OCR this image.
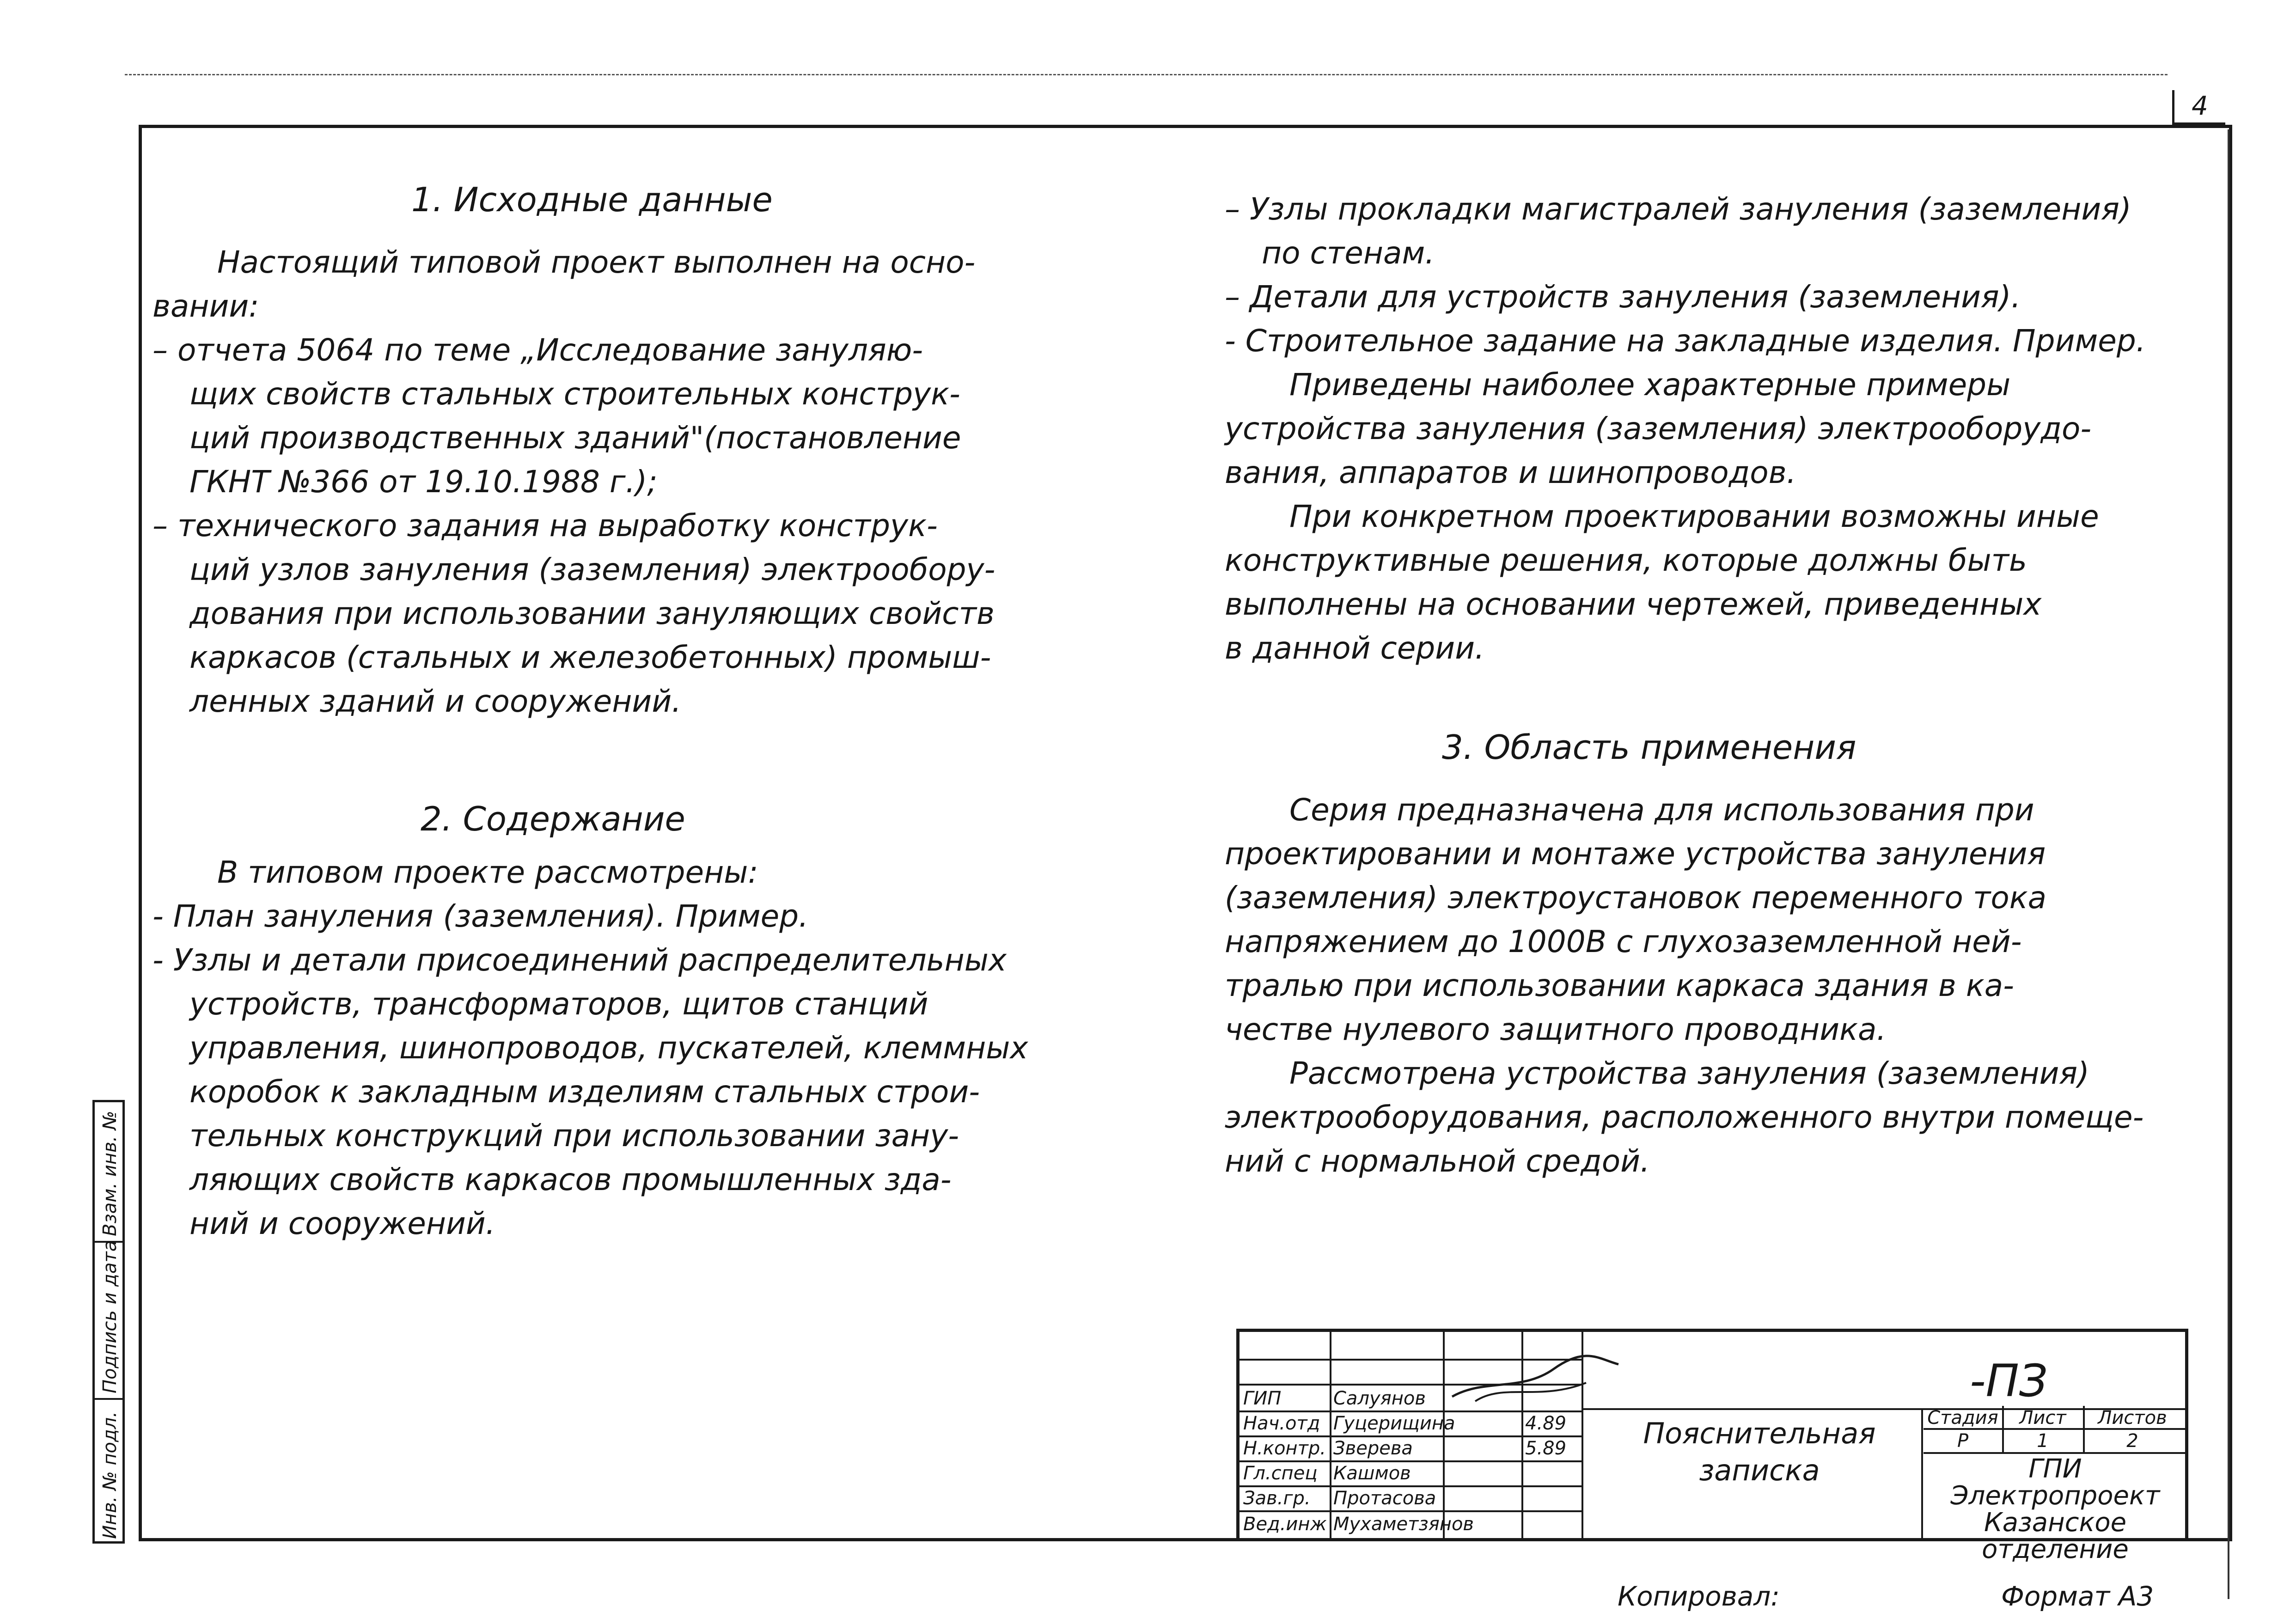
4
1. Исходные данные
Настоящий типовой проект выполнен на осно-
вании:
– отчета 5064 по теме „Исследование зануляю-
щих свойств стальных строительных конструк-
ций производственных зданий"(постановление
ГКНТ №366 от 19.10.1988 г.);
– технического задания на выработку конструк-
ций узлов зануления (заземления) электрообору-
дования при использовании зануляющих свойств
каркасов (стальных и железобетонных) промыш-
ленных зданий и сооружений.
2. Содержание
В типовом проекте рассмотрены:
- План зануления (заземления). Пример.
- Узлы и детали присоединений распределительных
устройств, трансформаторов, щитов станций
управления, шинопроводов, пускателей, клеммных
коробок к закладным изделиям стальных строи-
тельных конструкций при использовании зану-
ляющих свойств каркасов промышленных зда-
ний и сооружений.
– Узлы прокладки магистралей зануления (заземления)
по стенам.
– Детали для устройств зануления (заземления).
- Строительное задание на закладные изделия. Пример.
Приведены наиболее характерные примеры
устройства зануления (заземления) электрооборудо-
вания, аппаратов и шинопроводов.
При конкретном проектировании возможны иные
конструктивные решения, которые должны быть
выполнены на основании чертежей, приведенных
в данной серии.
3. Область применения
Серия предназначена для использования при
проектировании и монтаже устройства зануления
(заземления) электроустановок переменного тока
напряжением до 1000В с глухозаземленной ней-
тралью при использовании каркаса здания в ка-
честве нулевого защитного проводника.
Рассмотрена устройства зануления (заземления)
электрооборудования, расположенного внутри помеще-
ний с нормальной средой.
Взам. инв. №
Подпись и дата
Инв. № подл.
ГИП	Салуянов
Нач.отд Гуцерищина	4.89
Н.контр. Зверева	5.89
Гл.спец Кашмов
Зав.гр.	Протасова
Вед.инж Мухаметзянов
-ПЗ
Пояснительная
записка
Стадия	Лист	Листов
Р	1	2
ГПИ Электропроект
Казанское
отделение
Копировал:	Формат А3
